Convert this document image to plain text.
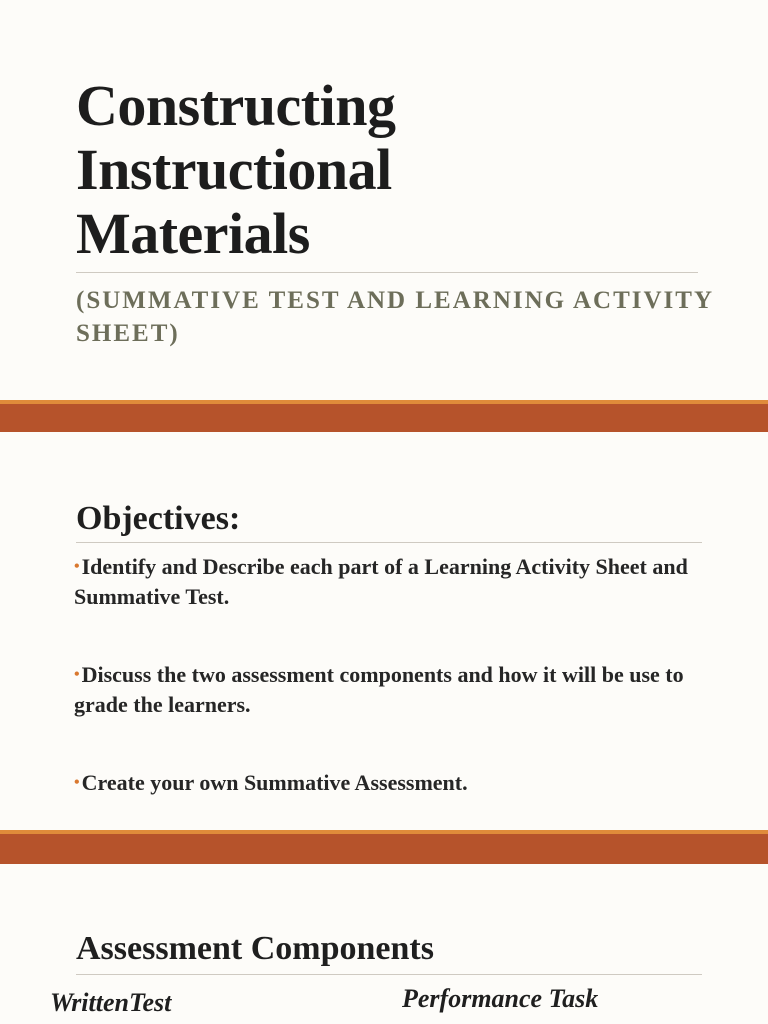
Constructing
Instructional
Materials

(SUMMATIVE TEST AND LEARNING ACTIVITY SHEET)

Objectives:
•Identify and Describe each part of a Learning Activity Sheet and Summative Test.
•Discuss the two assessment components and how it will be use to grade the learners.
•Create your own Summative Assessment.
Assessment Components

WrittenTest	Performance Task
